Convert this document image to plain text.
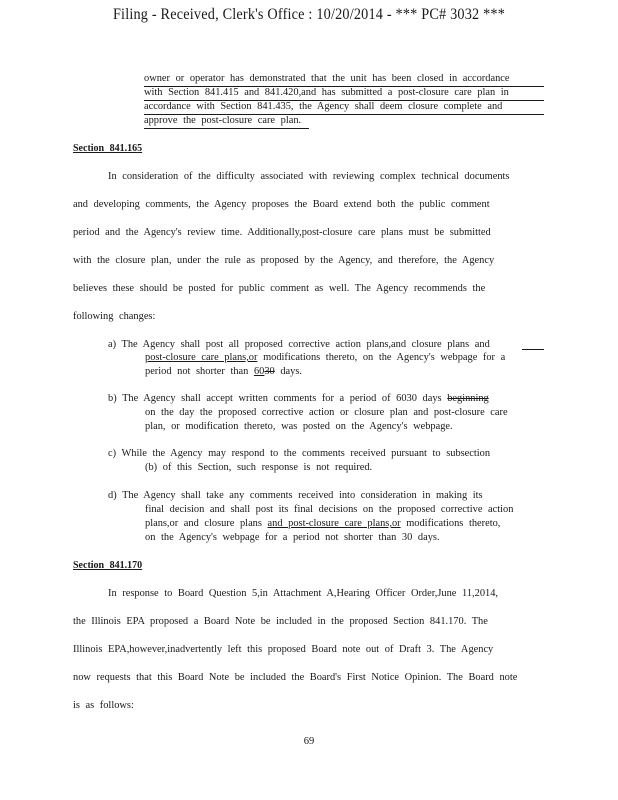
Filing - Received, Clerk's Office : 10/20/2014 - *** PC# 3032 ***
owner or operator has demonstrated that the unit has been closed in accordance
with Section 841.415 and 841.420,and has submitted a post-closure care plan in
accordance with Section 841.435, the Agency shall deem closure complete and
approve the post-closure care plan.
Section 841.165
In consideration of the difficulty associated with reviewing complex technical documents
and developing comments, the Agency proposes the Board extend both the public comment
period and the Agency's review time. Additionally,post-closure care plans must be submitted
with the closure plan, under the rule as proposed by the Agency, and therefore, the Agency
believes these should be posted for public comment as well. The Agency recommends the
following changes:
a) The Agency shall post all proposed corrective action plans,and closure plans and
post-closure care plans,or modifications thereto, on the Agency's webpage for a
period not shorter than 6030 days.
b) The Agency shall accept written comments for a period of 6030 days beginning
on the day the proposed corrective action or closure plan and post-closure care
plan, or modification thereto, was posted on the Agency's webpage.
c) While the Agency may respond to the comments received pursuant to subsection
(b) of this Section, such response is not required.
d) The Agency shall take any comments received into consideration in making its
final decision and shall post its final decisions on the proposed corrective action
plans,or and closure plans and post-closure care plans,or modifications thereto,
on the Agency's webpage for a period not shorter than 30 days.
Section 841.170
In response to Board Question 5,in Attachment A,Hearing Officer Order,June 11,2014,
the Illinois EPA proposed a Board Note be included in the proposed Section 841.170. The
Illinois EPA,however,inadvertently left this proposed Board note out of Draft 3. The Agency
now requests that this Board Note be included the Board's First Notice Opinion. The Board note
is as follows:
69
